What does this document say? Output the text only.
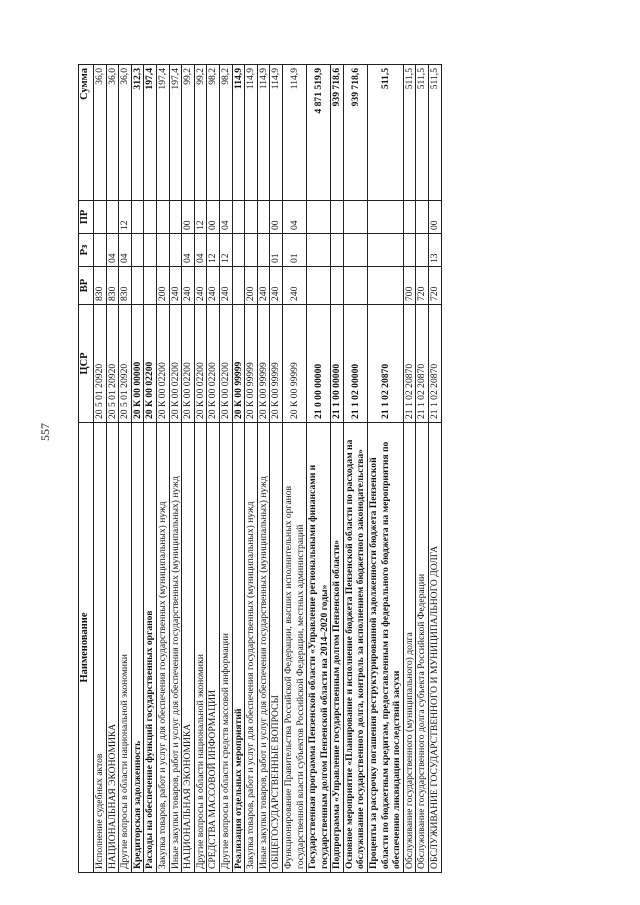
557
Наименование	ЦСР	ВР	Рз	ПР	Сумма
Исполнение судебных актов	20 5 01 20920	830			36,0
НАЦИОНАЛЬНАЯ ЭКОНОМИКА	20 5 01 20920	830	04		36,0
Другие вопросы в области национальной экономики	20 5 01 20920	830	04	12	36,0
Кредиторская задолженность	20 К 00 00000				312,3
Расходы на обеспечение функций государственных органов	20 К 00 02200				197,4
Закупка товаров, работ и услуг для обеспечения государственных (муниципальных) нужд	20 К 00 02200	200			197,4
Иные закупки товаров, работ и услуг для обеспечения государственных (муниципальных) нужд	20 К 00 02200	240			197,4
НАЦИОНАЛЬНАЯ ЭКОНОМИКА	20 К 00 02200	240	04	00	99,2
Другие вопросы в области национальной экономики	20 К 00 02200	240	04	12	99,2
СРЕДСТВА МАССОВОЙ ИНФОРМАЦИИ	20 К 00 02200	240	12	00	98,2
Другие вопросы в области средств массовой информации	20 К 00 02200	240	12	04	98,2
Реализация отдельных мероприятий	20 К 00 99999				114,9
Закупка товаров, работ и услуг для обеспечения государственных (муниципальных) нужд	20 К 00 99999	200			114,9
Иные закупки товаров, работ и услуг для обеспечения государственных (муниципальных) нужд	20 К 00 99999	240			114,9
ОБЩЕГОСУДАРСТВЕННЫЕ ВОПРОСЫ	20 К 00 99999	240	01	00	114,9
Функционирование Правительства Российской Федерации, высших исполнительных органов государственной власти субъектов Российской Федерации, местных администраций	20 К 00 99999	240	01	04	114,9
Государственная программа Пензенской области «Управление региональными финансами и государственным долгом Пензенской области на 2014–2020 годы»	21 0 00 00000				4 871 519,9
Подпрограмма «Управление государственным долгом Пензенской области»	21 1 00 00000				939 718,6
Основное мероприятие «Планирование и исполнение бюджета Пензенской области по расходам на обслуживание государственного долга, контроль за исполнением бюджетного законодательства»	21 1 02 00000				939 718,6
Проценты за рассрочку погашения реструктурированной задолженности бюджета Пензенской области по бюджетным кредитам, предоставленным из федерального бюджета на мероприятия по обеспечению ликвидации последствий засухи	21 1 02 20870				511,5
Обслуживание государственного (муниципального) долга	21 1 02 20870	700			511,5
Обслуживание государственного долга субъекта Российской Федерации	21 1 02 20870	720			511,5
ОБСЛУЖИВАНИЕ ГОСУДАРСТВЕННОГО И МУНИЦИПАЛЬНОГО ДОЛГА	21 1 02 20870	720	13	00	511,5
